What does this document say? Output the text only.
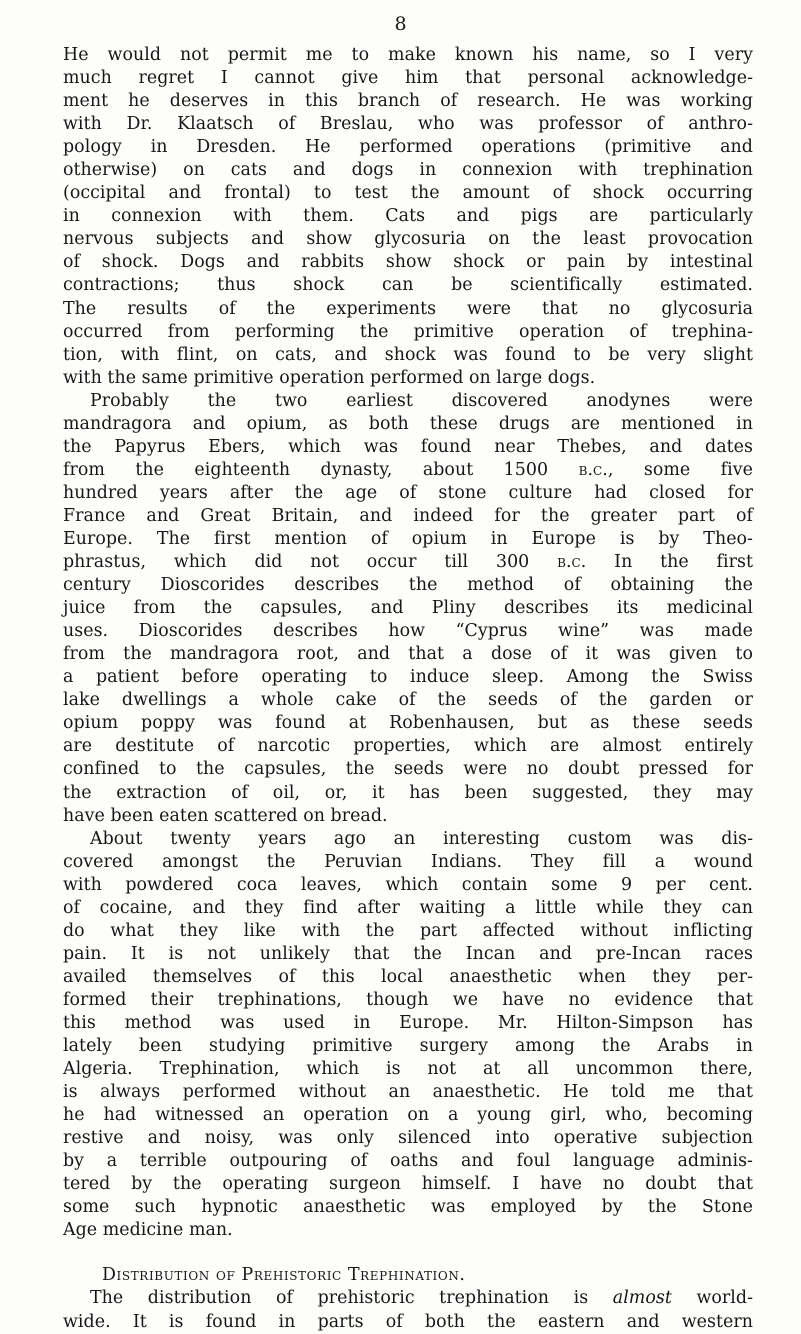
8
He would not permit me to make known his name, so I very
much regret I cannot give him that personal acknowledge-
ment he deserves in this branch of research. He was working
with Dr. Klaatsch of Breslau, who was professor of anthro-
pology in Dresden. He performed operations (primitive and
otherwise) on cats and dogs in connexion with trephination
(occipital and frontal) to test the amount of shock occurring
in connexion with them. Cats and pigs are particularly
nervous subjects and show glycosuria on the least provocation
of shock. Dogs and rabbits show shock or pain by intestinal
contractions; thus shock can be scientifically estimated.
The results of the experiments were that no glycosuria
occurred from performing the primitive operation of trephina-
tion, with flint, on cats, and shock was found to be very slight
with the same primitive operation performed on large dogs.
Probably the two earliest discovered anodynes were
mandragora and opium, as both these drugs are mentioned in
the Papyrus Ebers, which was found near Thebes, and dates
from the eighteenth dynasty, about 1500 b.c., some five
hundred years after the age of stone culture had closed for
France and Great Britain, and indeed for the greater part of
Europe. The first mention of opium in Europe is by Theo-
phrastus, which did not occur till 300 b.c. In the first
century Dioscorides describes the method of obtaining the
juice from the capsules, and Pliny describes its medicinal
uses. Dioscorides describes how “Cyprus wine” was made
from the mandragora root, and that a dose of it was given to
a patient before operating to induce sleep. Among the Swiss
lake dwellings a whole cake of the seeds of the garden or
opium poppy was found at Robenhausen, but as these seeds
are destitute of narcotic properties, which are almost entirely
confined to the capsules, the seeds were no doubt pressed for
the extraction of oil, or, it has been suggested, they may
have been eaten scattered on bread.
About twenty years ago an interesting custom was dis-
covered amongst the Peruvian Indians. They fill a wound
with powdered coca leaves, which contain some 9 per cent.
of cocaine, and they find after waiting a little while they can
do what they like with the part affected without inflicting
pain. It is not unlikely that the Incan and pre-Incan races
availed themselves of this local anaesthetic when they per-
formed their trephinations, though we have no evidence that
this method was used in Europe. Mr. Hilton-Simpson has
lately been studying primitive surgery among the Arabs in
Algeria. Trephination, which is not at all uncommon there,
is always performed without an anaesthetic. He told me that
he had witnessed an operation on a young girl, who, becoming
restive and noisy, was only silenced into operative subjection
by a terrible outpouring of oaths and foul language adminis-
tered by the operating surgeon himself. I have no doubt that
some such hypnotic anaesthetic was employed by the Stone
Age medicine man.
Distribution of Prehistoric Trephination.
The distribution of prehistoric trephination is almost world-
wide. It is found in parts of both the eastern and western
